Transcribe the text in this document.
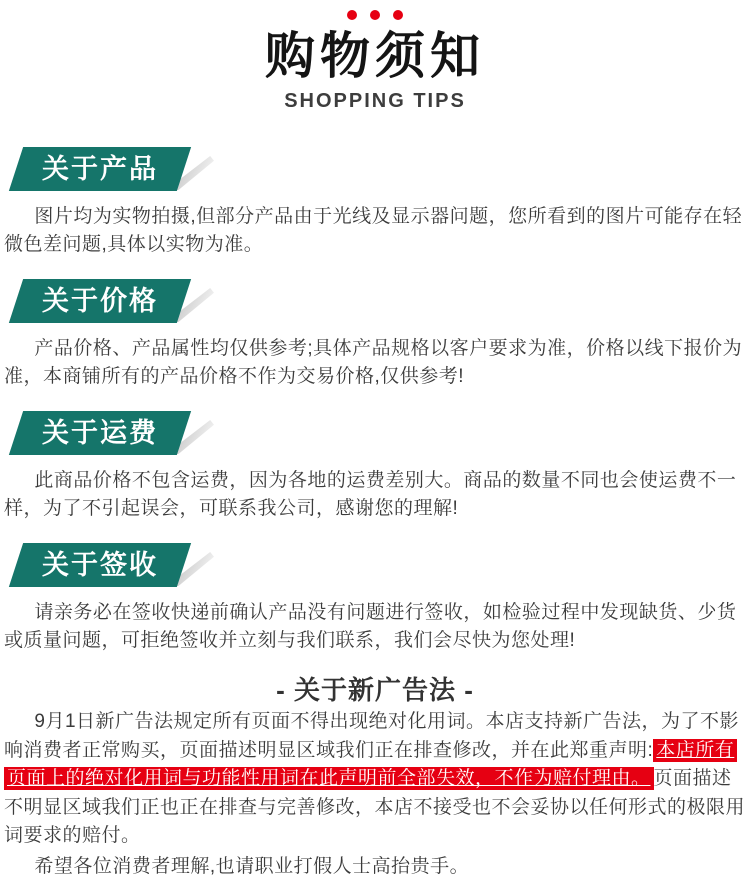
购物须知
SHOPPING TIPS
关于产品

图片均为实物拍摄,但部分产品由于光线及显示器问题，您所看到的图片可能存在轻微色差问题,具体以实物为准。

关于价格

产品价格、产品属性均仅供参考;具体产品规格以客户要求为准，价格以线下报价为准，本商铺所有的产品价格不作为交易价格,仅供参考!

关于运费

此商品价格不包含运费，因为各地的运费差别大。商品的数量不同也会使运费不一样，为了不引起误会，可联系我公司，感谢您的理解!

关于签收

请亲务必在签收快递前确认产品没有问题进行签收，如检验过程中发现缺货、少货或质量问题，可拒绝签收并立刻与我们联系，我们会尽快为您处理!

- 关于新广告法 -

9月1日新广告法规定所有页面不得出现绝对化用词。本店支持新广告法，为了不影响消费者正常购买，页面描述明显区域我们正在排查修改，并在此郑重声明: 本店所有页面上的绝对化用词与功能性用词在此声明前全部失效，不作为赔付理由。 页面描述不明显区域我们正也正在排查与完善修改，本店不接受也不会妥协以任何形式的极限用词要求的赔付。

希望各位消费者理解,也请职业打假人士高抬贵手。
